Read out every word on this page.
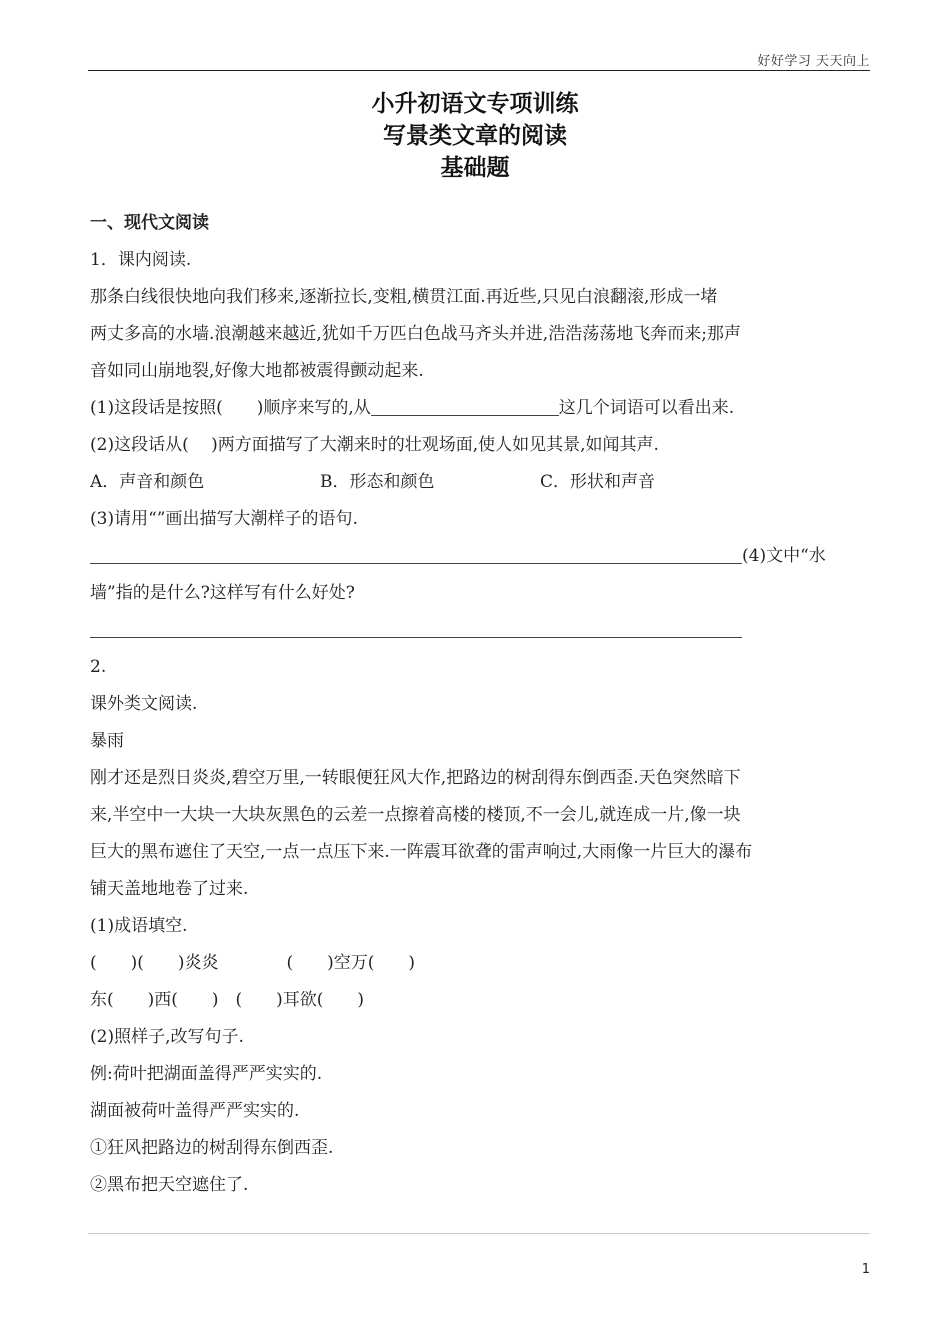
好好学习 天天向上
小升初语文专项训练
写景类文章的阅读
基础题
一、现代文阅读
1．课内阅读.
那条白线很快地向我们移来,逐渐拉长,变粗,横贯江面.再近些,只见白浪翻滚,形成一堵
两丈多高的水墙.浪潮越来越近,犹如千万匹白色战马齐头并进,浩浩荡荡地飞奔而来;那声
音如同山崩地裂,好像大地都被震得颤动起来.
(1)这段话是按照(　　)顺序来写的,从	这几个词语可以看出来.
(2)这段话从(　 )两方面描写了大潮来时的壮观场面,使人如见其景,如闻其声.
A．声音和颜色	B．形态和颜色	C．形状和声音
(3)请用“”画出描写大潮样子的语句.
(4)文中“水
墙”指的是什么?这样写有什么好处?
2.
课外类文阅读.
暴雨
刚才还是烈日炎炎,碧空万里,一转眼便狂风大作,把路边的树刮得东倒西歪.天色突然暗下
来,半空中一大块一大块灰黑色的云差一点擦着高楼的楼顶,不一会儿,就连成一片,像一块
巨大的黑布遮住了天空,一点一点压下来.一阵震耳欲聋的雷声响过,大雨像一片巨大的瀑布
铺天盖地地卷了过来.
(1)成语填空.
(　　)(　　)炎炎　　　　(　　)空万(　　)
东(　　)西(　　)　(　　)耳欲(　　)
(2)照样子,改写句子.
例:荷叶把湖面盖得严严实实的.
湖面被荷叶盖得严严实实的.
①狂风把路边的树刮得东倒西歪.
②黑布把天空遮住了.
1
